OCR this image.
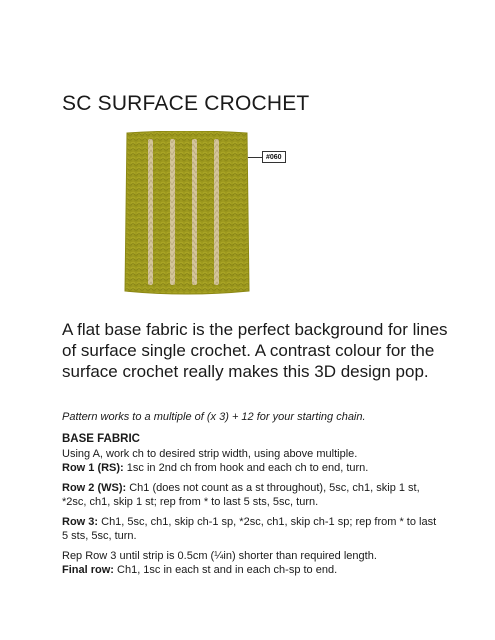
SC SURFACE CROCHET
#060
A flat base fabric is the perfect background for lines of surface single crochet. A contrast colour for the surface crochet really makes this 3D design pop.

Pattern works to a multiple of (x 3) + 12 for your starting chain.

BASE FABRIC

Using A, work ch to desired strip width, using above multiple.

Row 1 (RS): 1sc in 2nd ch from hook and each ch to end, turn.

Row 2 (WS): Ch1 (does not count as a st throughout), 5sc, ch1, skip 1 st, *2sc, ch1, skip 1 st; rep from * to last 5 sts, 5sc, turn.

Row 3: Ch1, 5sc, ch1, skip ch-1 sp, *2sc, ch1, skip ch-1 sp; rep from * to last 5 sts, 5sc, turn.

Rep Row 3 until strip is 0.5cm (¼in) shorter than required length.

Final row: Ch1, 1sc in each st and in each ch-sp to end.
